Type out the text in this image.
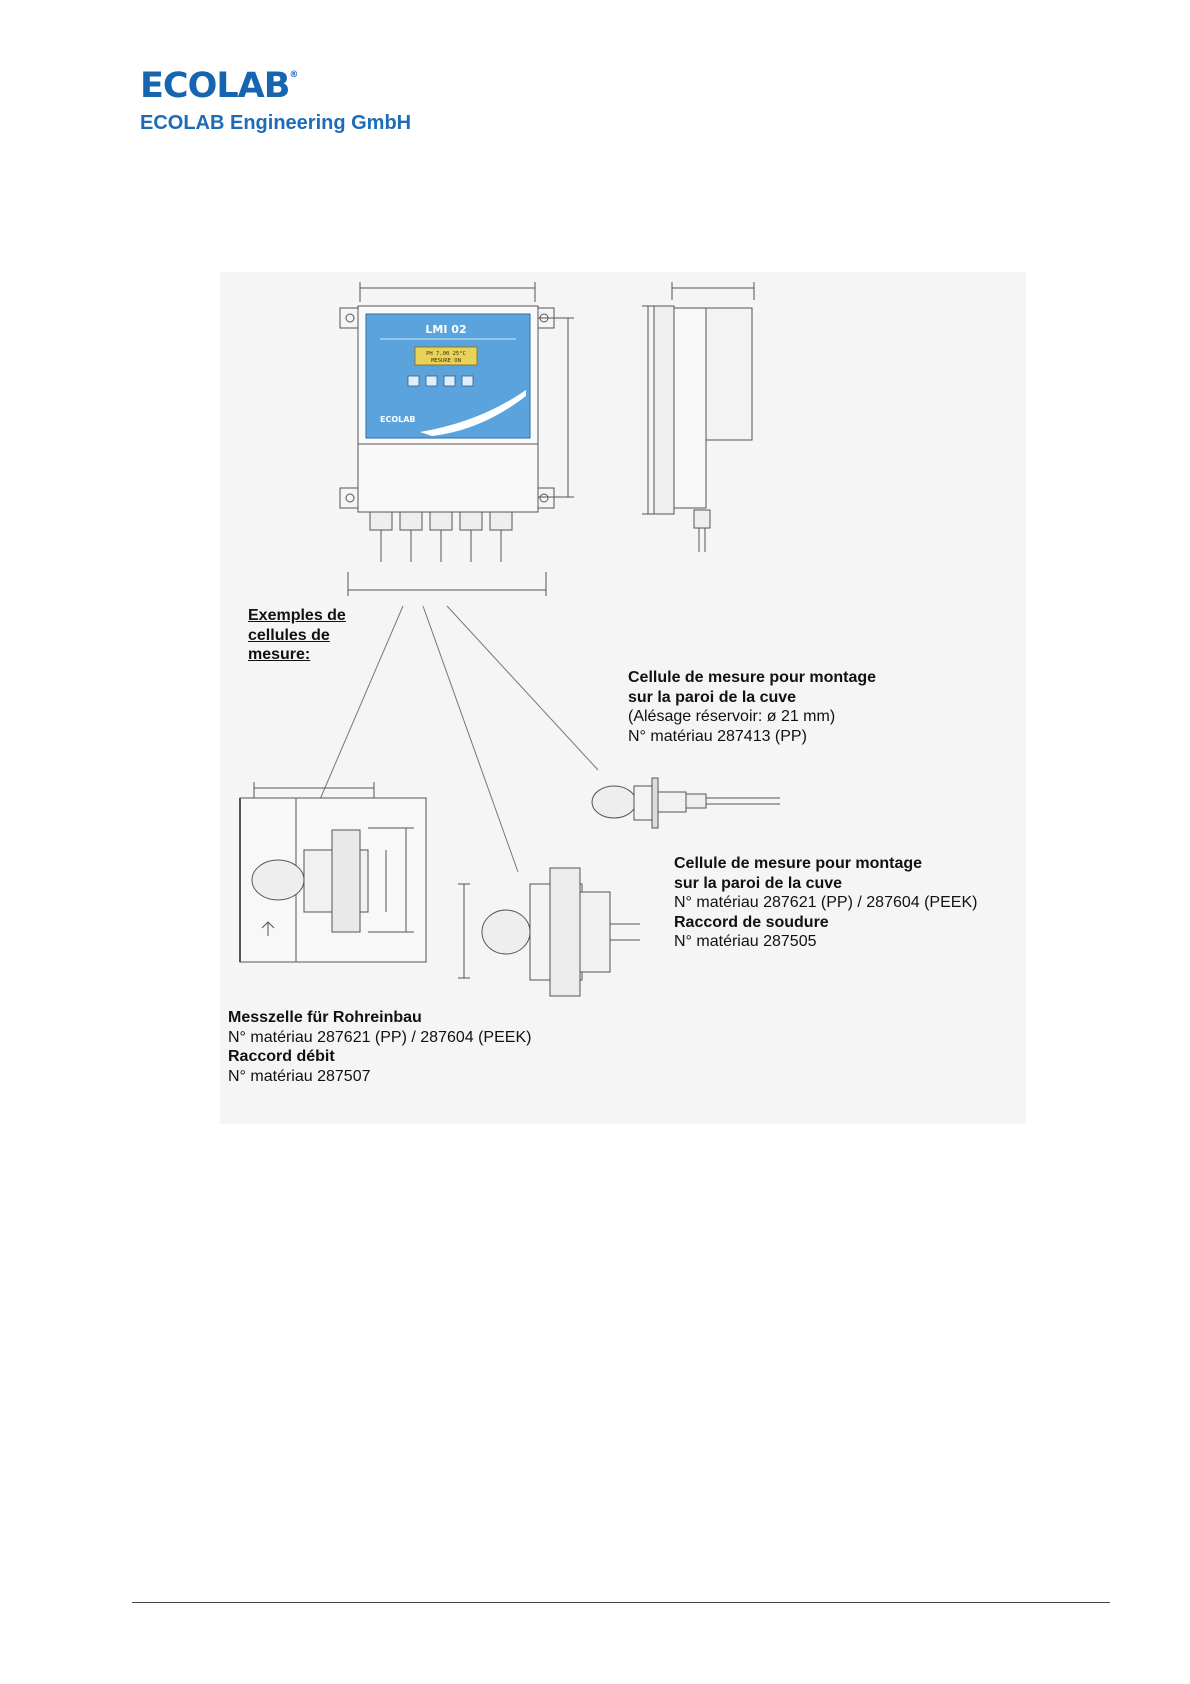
ECOLAB®
ECOLAB Engineering GmbH
LMI 02
PH 7,00 25°C
MESURE ON
ECOLAB
Exemples de
cellules de
mesure:
Cellule de mesure pour montage
sur la paroi de la cuve
(Alésage réservoir: ø 21 mm)
N° matériau 287413 (PP)
Cellule de mesure pour montage
sur la paroi de la cuve
N° matériau 287621 (PP) / 287604 (PEEK)
Raccord de soudure
N° matériau 287505
Messzelle für Rohreinbau
N° matériau 287621 (PP) / 287604 (PEEK)
Raccord débit
N° matériau 287507
